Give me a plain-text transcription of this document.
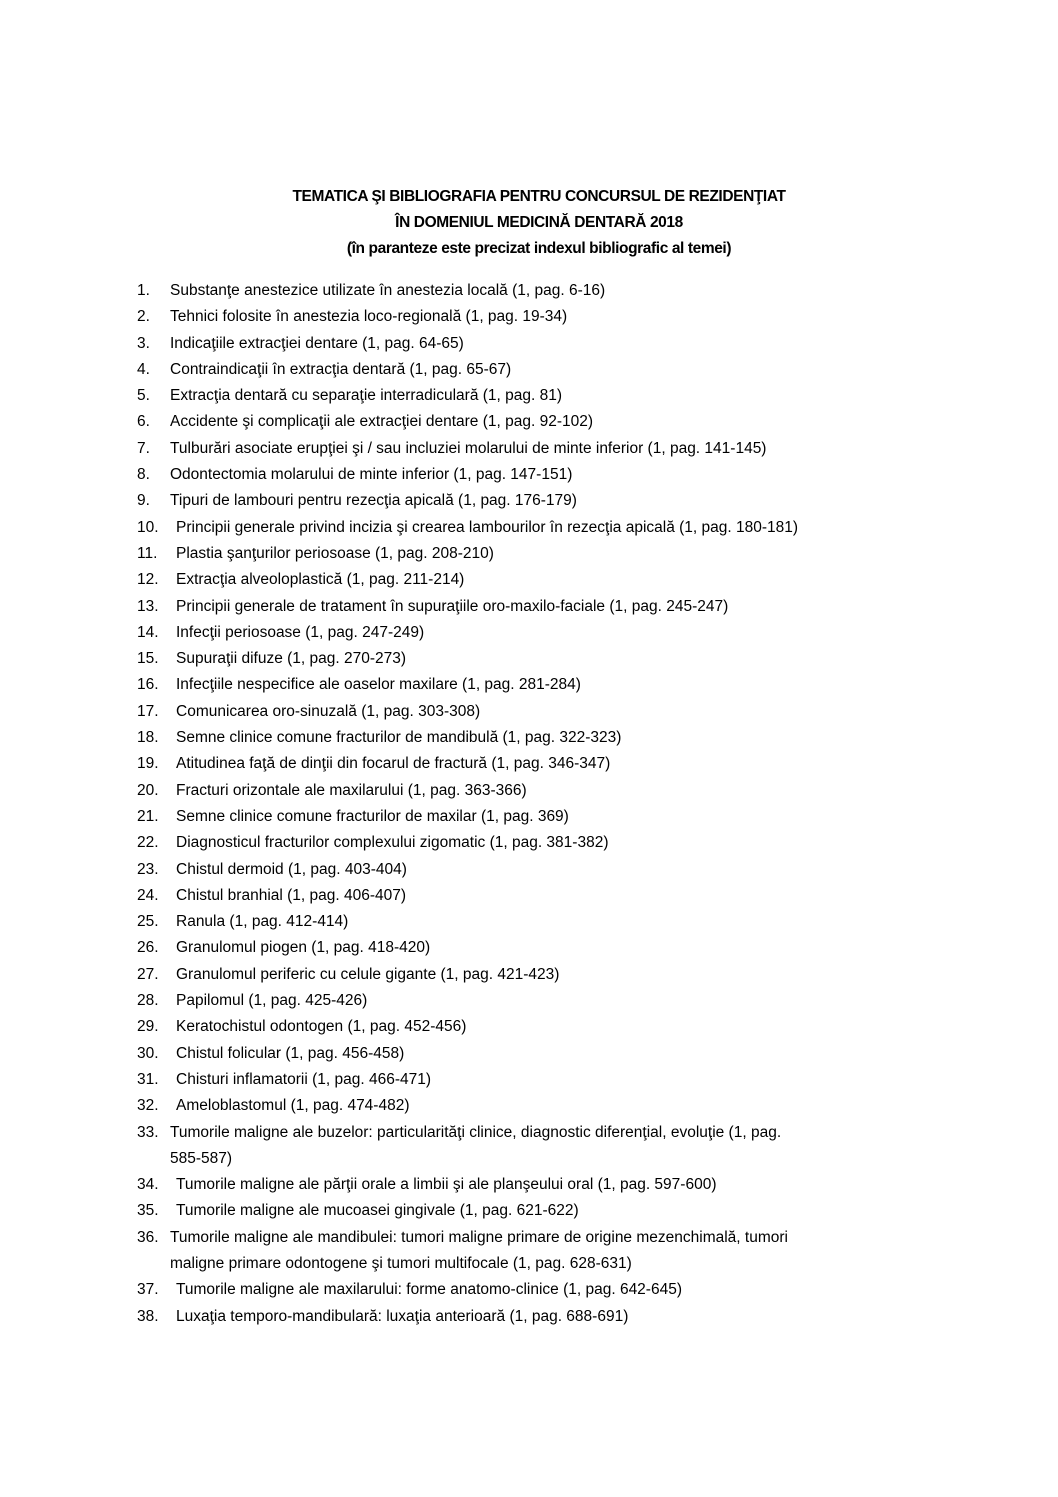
TEMATICA ŞI BIBLIOGRAFIA PENTRU CONCURSUL DE REZIDENŢIAT
ÎN DOMENIUL MEDICINĂ DENTARĂ 2018
(în paranteze este precizat indexul bibliografic al temei)
1. Substanţe anestezice utilizate în anestezia locală (1, pag. 6-16)
2. Tehnici folosite în anestezia loco-regională (1, pag. 19-34)
3. Indicaţiile extracţiei dentare (1, pag. 64-65)
4. Contraindicaţii în extracţia dentară (1, pag. 65-67)
5. Extracţia dentară cu separaţie interradiculară (1, pag. 81)
6. Accidente şi complicaţii ale extracţiei dentare (1, pag. 92-102)
7. Tulburări asociate erupţiei şi / sau incluziei molarului de minte inferior (1, pag. 141-145)
8. Odontectomia molarului de minte inferior (1, pag. 147-151)
9. Tipuri de lambouri pentru rezecţia apicală (1, pag. 176-179)
10. Principii generale privind incizia şi crearea lambourilor în rezecţia apicală (1, pag. 180-181)
11. Plastia şanţurilor periosoase (1, pag. 208-210)
12. Extracţia alveoloplastică (1, pag. 211-214)
13. Principii generale de tratament în supuraţiile oro-maxilo-faciale (1, pag. 245-247)
14. Infecţii periosoase (1, pag. 247-249)
15. Supuraţii difuze (1, pag. 270-273)
16. Infecţiile nespecifice ale oaselor maxilare (1, pag. 281-284)
17. Comunicarea oro-sinuzală (1, pag. 303-308)
18. Semne clinice comune fracturilor de mandibulă (1, pag. 322-323)
19. Atitudinea faţă de dinţii din focarul de fractură (1, pag. 346-347)
20. Fracturi orizontale ale maxilarului (1, pag. 363-366)
21. Semne clinice comune fracturilor de maxilar (1, pag. 369)
22. Diagnosticul fracturilor complexului zigomatic (1, pag. 381-382)
23. Chistul dermoid (1, pag. 403-404)
24. Chistul branhial (1, pag. 406-407)
25. Ranula (1, pag. 412-414)
26. Granulomul piogen (1, pag. 418-420)
27. Granulomul periferic cu celule gigante (1, pag. 421-423)
28. Papilomul (1, pag. 425-426)
29. Keratochistul odontogen (1, pag. 452-456)
30. Chistul folicular (1, pag. 456-458)
31. Chisturi inflamatorii (1, pag. 466-471)
32. Ameloblastomul (1, pag. 474-482)
33. Tumorile maligne ale buzelor: particularităţi clinice, diagnostic diferenţial, evoluţie (1, pag.
585-587)
34. Tumorile maligne ale părţii orale a limbii şi ale planşeului oral (1, pag. 597-600)
35. Tumorile maligne ale mucoasei gingivale (1, pag. 621-622)
36. Tumorile maligne ale mandibulei: tumori maligne primare de origine mezenchimală, tumori
maligne primare odontogene şi tumori multifocale (1, pag. 628-631)
37. Tumorile maligne ale maxilarului: forme anatomo-clinice (1, pag. 642-645)
38. Luxaţia temporo-mandibulară: luxaţia anterioară (1, pag. 688-691)
